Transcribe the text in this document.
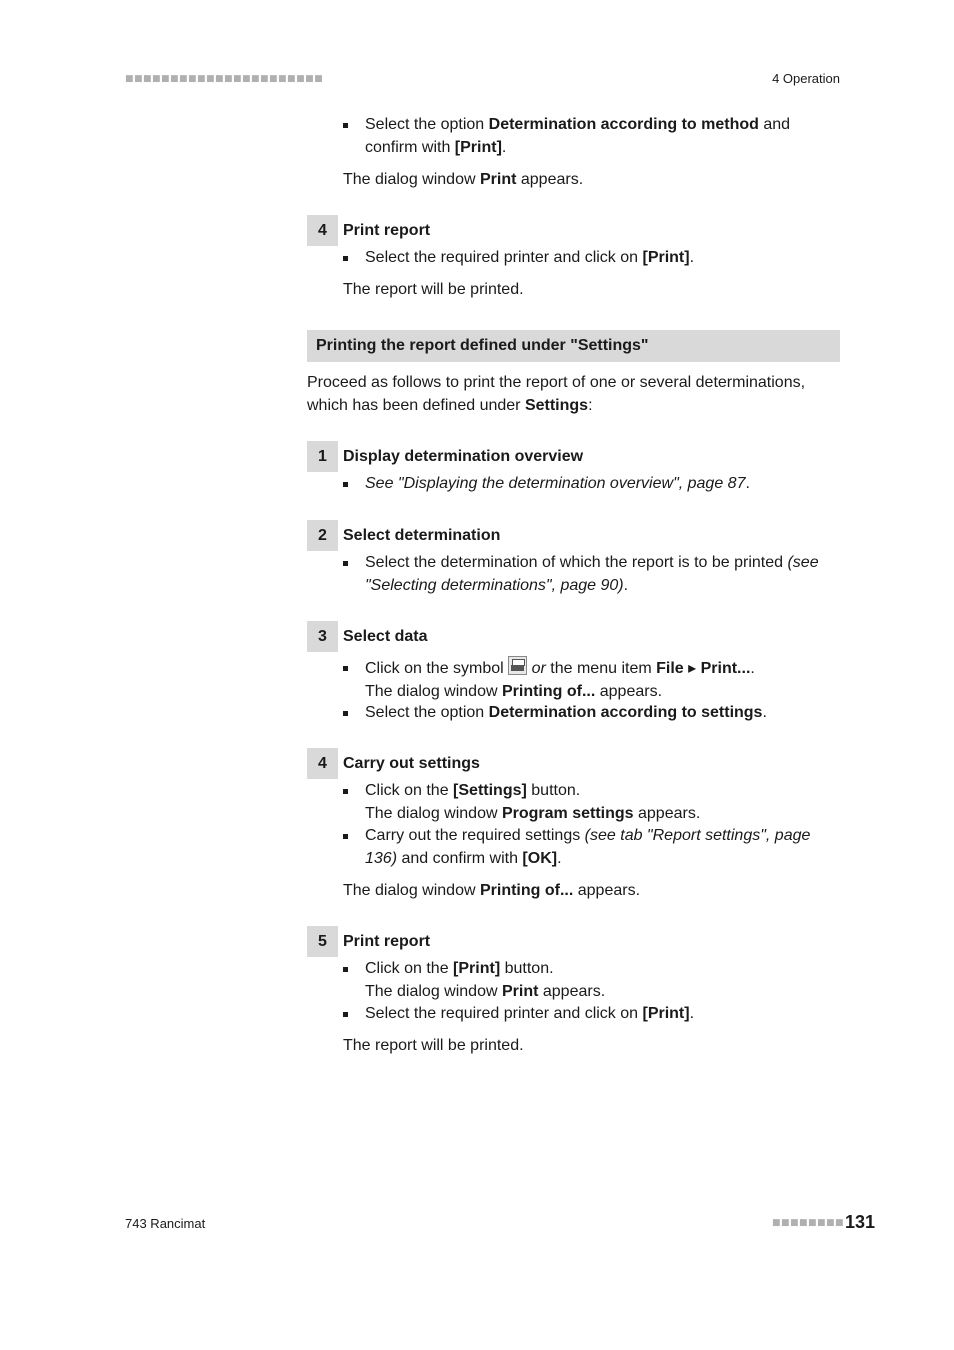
■■■■■■■■■■■■■■■■■■■■■■	4 Operation
Select the option Determination according to method and confirm with [Print].
The dialog window Print appears.
4	Print report
Select the required printer and click on [Print].
The report will be printed.
Printing the report defined under "Settings"
Proceed as follows to print the report of one or several determinations, which has been defined under Settings:
1	Display determination overview
See "Displaying the determination overview", page 87.
2	Select determination
Select the determination of which the report is to be printed (see "Selecting determinations", page 90).
3	Select data
Click on the symbol  or the menu item File ▸ Print....
The dialog window Printing of... appears.
Select the option Determination according to settings.
4	Carry out settings
Click on the [Settings] button.
The dialog window Program settings appears.
Carry out the required settings (see tab "Report settings", page 136) and confirm with [OK].
The dialog window Printing of... appears.
5	Print report
Click on the [Print] button.
The dialog window Print appears.
Select the required printer and click on [Print].
The report will be printed.
743 Rancimat	■■■■■■■■ 131
